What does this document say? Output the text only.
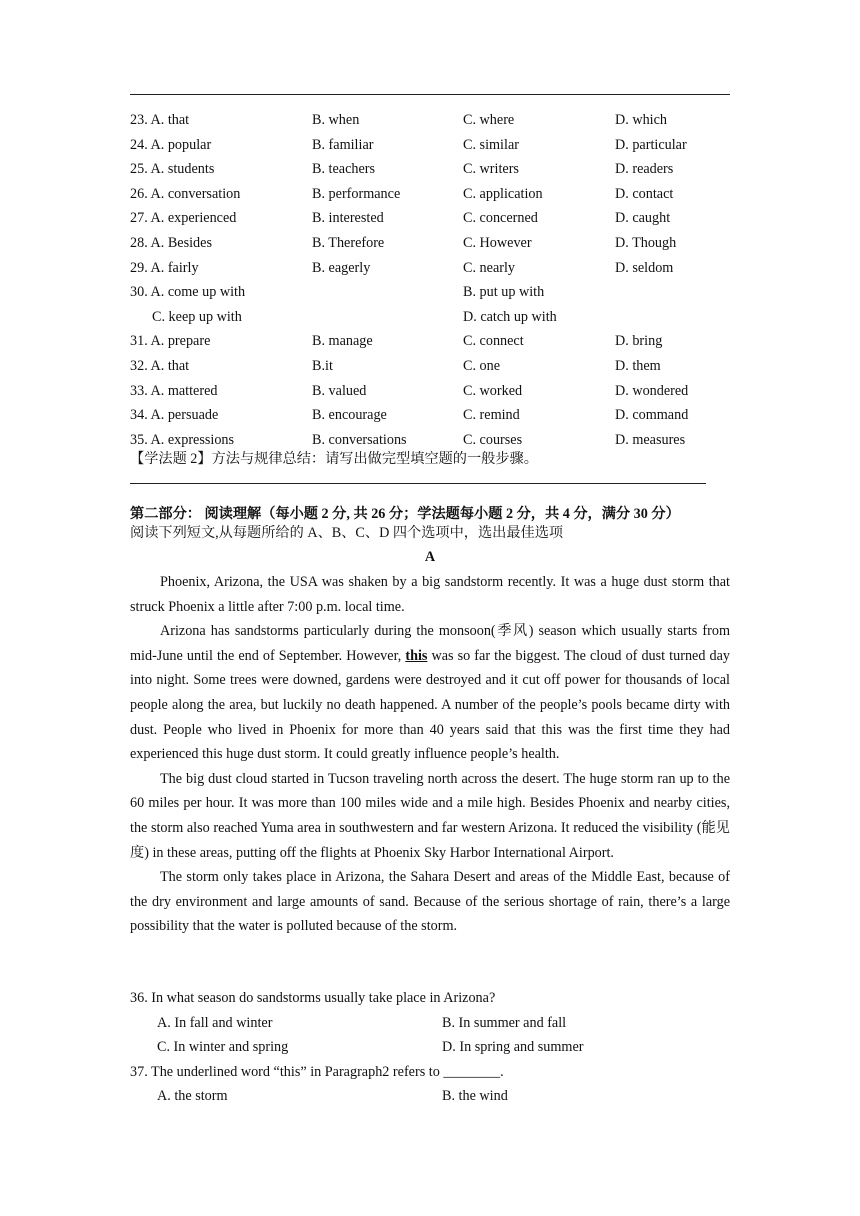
23. A. that	B. when	C. where	D. which
24. A. popular	B. familiar	C. similar	D. particular
25. A. students	B. teachers	C. writers	D. readers
26. A. conversation	B. performance	C. application	D. contact
27. A. experienced	B. interested	C. concerned	D. caught
28. A. Besides	B. Therefore	C. However	D. Though
29. A. fairly	B. eagerly	C. nearly	D. seldom
30. A. come up with	B. put up with
C. keep up with	D. catch up with
31. A. prepare	B. manage	C. connect	D. bring
32. A. that	B.it	C. one	D. them
33. A. mattered	B. valued	C. worked	D. wondered
34. A. persuade	B. encourage	C. remind	D. command
35. A. expressions	B. conversations	C. courses	D. measures
【学法题 2】方法与规律总结：请写出做完型填空题的一般步骤。
第二部分： 阅读理解（每小题 2 分, 共 26 分；学法题每小题 2 分，共 4 分，满分 30 分）
阅读下列短文,从每题所给的 A、B、C、D 四个选项中，选出最佳选项
A

Phoenix, Arizona, the USA was shaken by a big sandstorm recently. It was a huge dust storm that struck Phoenix a little after 7:00 p.m. local time.

Arizona has sandstorms particularly during the monsoon(季风) season which usually starts from mid-June until the end of September. However, this was so far the biggest. The cloud of dust turned day into night. Some trees were downed, gardens were destroyed and it cut off power for thousands of local people along the area, but luckily no death happened. A number of the people’s pools became dirty with dust. People who lived in Phoenix for more than 40 years said that this was the first time they had experienced this huge dust storm. It could greatly influence people’s health.

The big dust cloud started in Tucson traveling north across the desert. The huge storm ran up to the 60 miles per hour. It was more than 100 miles wide and a mile high. Besides Phoenix and nearby cities, the storm also reached Yuma area in southwestern and far western Arizona. It reduced the visibility (能见度) in these areas, putting off the flights at Phoenix Sky Harbor International Airport.

The storm only takes place in Arizona, the Sahara Desert and areas of the Middle East, because of the dry environment and large amounts of sand. Because of the serious shortage of rain, there’s a large possibility that the water is polluted because of the storm.

36. In what season do sandstorms usually take place in Arizona?
A. In fall and winter	B. In summer and fall
C. In winter and spring	D. In spring and summer
37. The underlined word “this” in Paragraph2 refers to ________.
A. the storm	B. the wind
